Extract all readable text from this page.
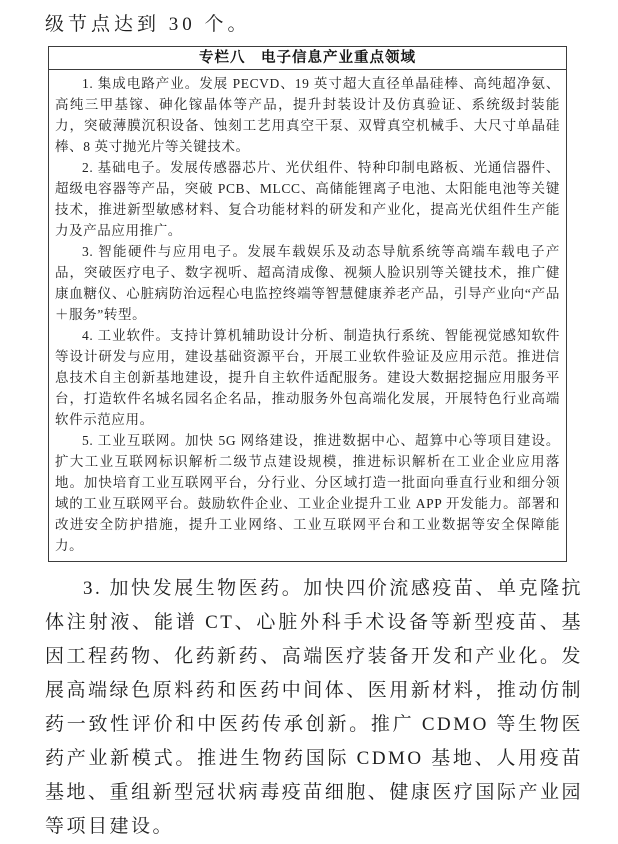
级节点达到 30 个。

专栏八　电子信息产业重点领域

1. 集成电路产业。发展 PECVD、19 英寸超大直径单晶硅棒、高纯超净氨、高纯三甲基镓、砷化镓晶体等产品，提升封装设计及仿真验证、系统级封装能力，突破薄膜沉积设备、蚀刻工艺用真空干泵、双臂真空机械手、大尺寸单晶硅棒、8 英寸抛光片等关键技术。

2. 基础电子。发展传感器芯片、光伏组件、特种印制电路板、光通信器件、超级电容器等产品，突破 PCB、MLCC、高储能锂离子电池、太阳能电池等关键技术，推进新型敏感材料、复合功能材料的研发和产业化，提高光伏组件生产能力及产品应用推广。

3. 智能硬件与应用电子。发展车载娱乐及动态导航系统等高端车载电子产品，突破医疗电子、数字视听、超高清成像、视频人脸识别等关键技术，推广健康血糖仪、心脏病防治远程心电监控终端等智慧健康养老产品，引导产业向“产品＋服务”转型。

4. 工业软件。支持计算机辅助设计分析、制造执行系统、智能视觉感知软件等设计研发与应用，建设基础资源平台，开展工业软件验证及应用示范。推进信息技术自主创新基地建设，提升自主软件适配服务。建设大数据挖掘应用服务平台，打造软件名城名园名企名品，推动服务外包高端化发展，开展特色行业高端软件示范应用。

5. 工业互联网。加快 5G 网络建设，推进数据中心、超算中心等项目建设。扩大工业互联网标识解析二级节点建设规模，推进标识解析在工业企业应用落地。加快培育工业互联网平台，分行业、分区域打造一批面向垂直行业和细分领域的工业互联网平台。鼓励软件企业、工业企业提升工业 APP 开发能力。部署和改进安全防护措施，提升工业网络、工业互联网平台和工业数据等安全保障能力。

3. 加快发展生物医药。加快四价流感疫苗、单克隆抗体注射液、能谱 CT、心脏外科手术设备等新型疫苗、基因工程药物、化药新药、高端医疗装备开发和产业化。发展高端绿色原料药和医药中间体、医用新材料，推动仿制药一致性评价和中医药传承创新。推广 CDMO 等生物医药产业新模式。推进生物药国际 CDMO 基地、人用疫苗基地、重组新型冠状病毒疫苗细胞、健康医疗国际产业园等项目建设。
